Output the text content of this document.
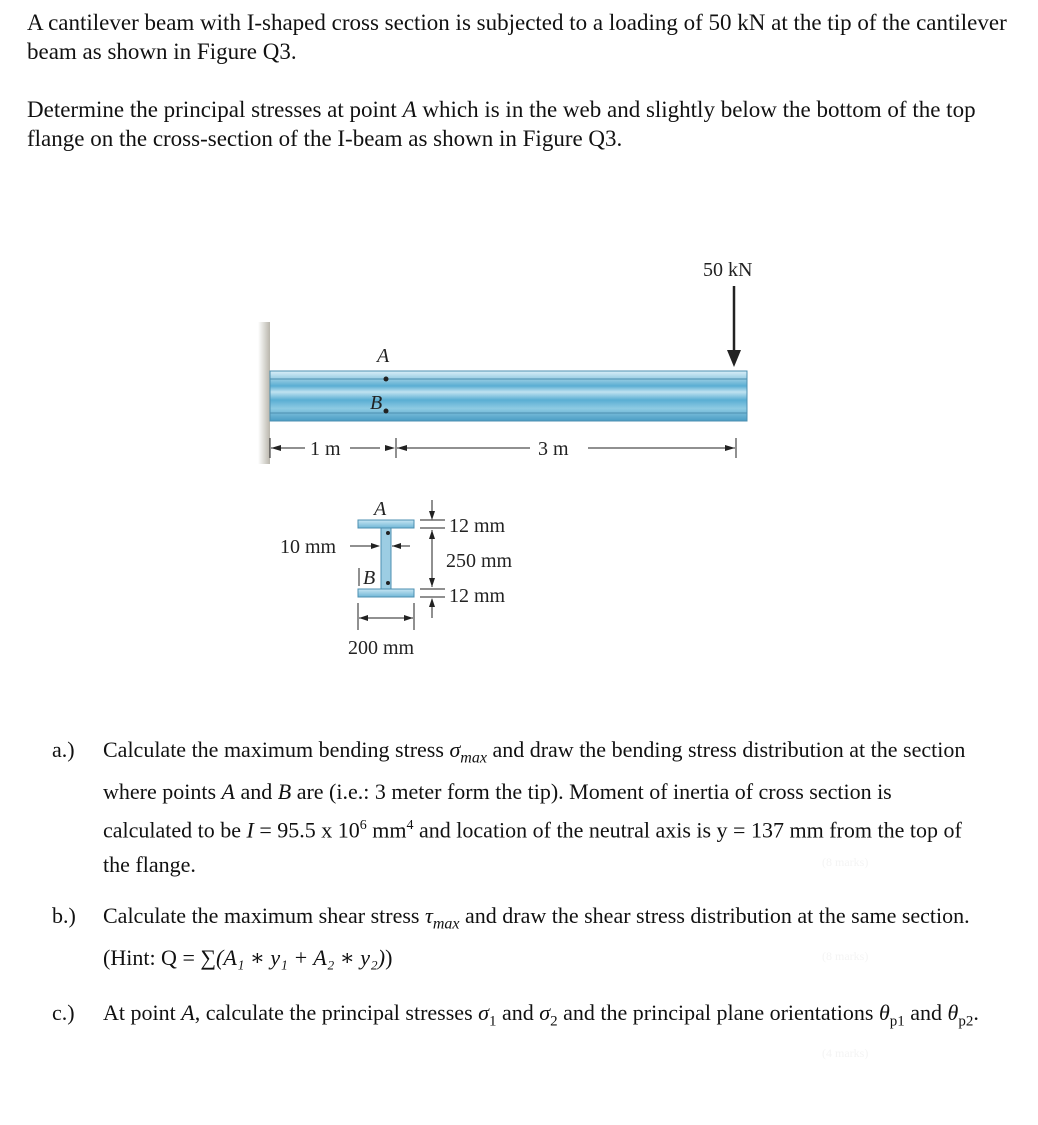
A cantilever beam with I-shaped cross section is subjected to a loading of 50 kN at the tip of the cantilever beam as shown in Figure Q3.

Determine the principal stresses at point A which is in the web and slightly below the bottom of the top flange on the cross-section of the I-beam as shown in Figure Q3.

A
B
50 kN
1 m	3 m
A
B
10 mm
12 mm
250 mm
12 mm
200 mm
a.)	Calculate the maximum bending stress $\sigma_{max}$ and draw the bending stress distribution at the section where points A and B are (i.e.: 3 meter form the tip). Moment of inertia of cross section is calculated to be I = 95.5 x $10^6$ $mm^4$ and location of the neutral axis is y = 137 mm from the top of the flange.	(8 marks)
b.)	Calculate the maximum shear stress $\tau_{max}$ and draw the shear stress distribution at the same section. (Hint: Q = ∑(A₁ ∗ y₁ + A₂ ∗ y₂))	(8 marks)
c.)	At point A, calculate the principal stresses $\sigma_1$ and $\sigma_2$ and the principal plane orientations $\theta_{p1}$ and $\theta_{p2}$.
(4 marks)
